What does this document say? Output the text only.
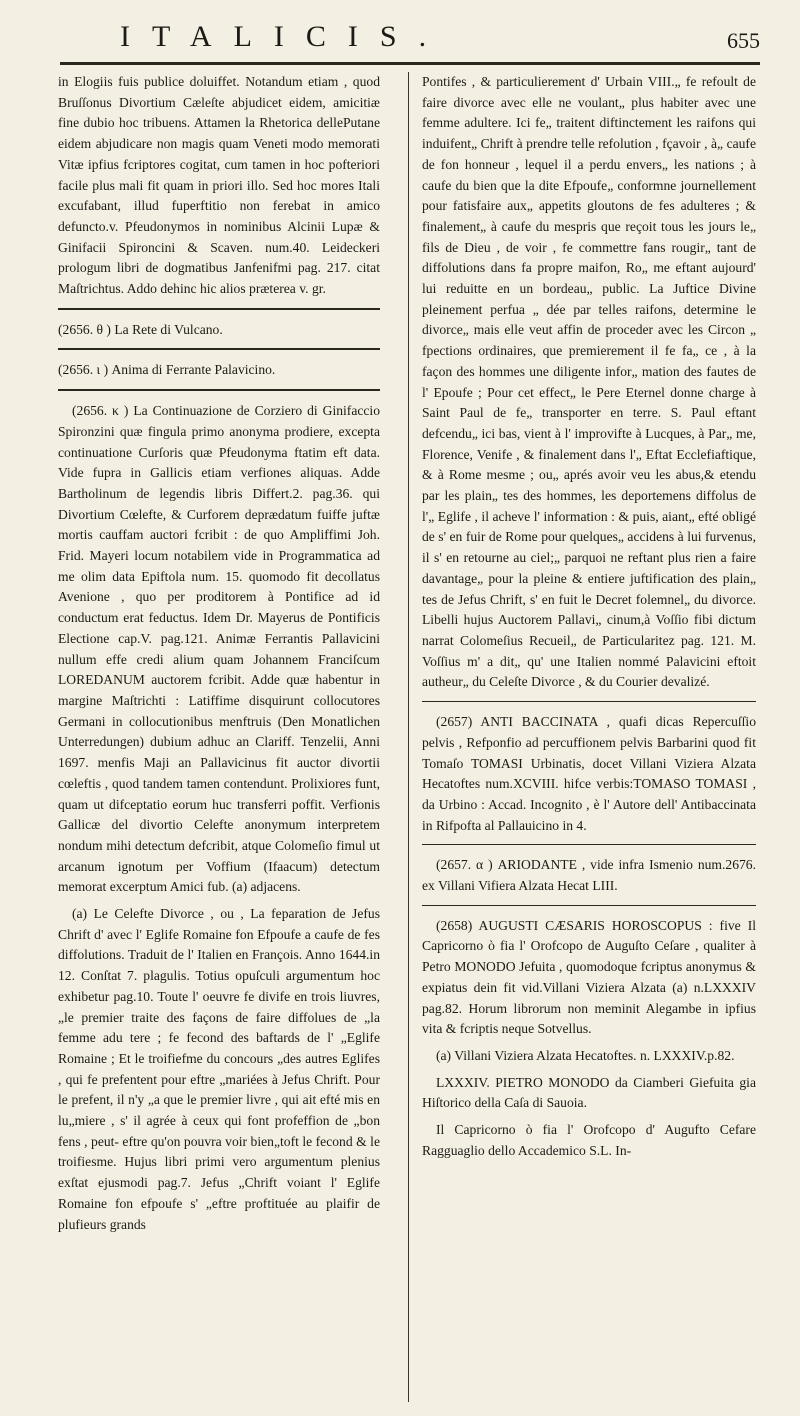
ITALICIS.	655

in Elogiis fuis publice doluiffet. Notandum etiam , quod Bruſſonus Divortium Cæleſte abjudicet eidem, amicitiæ fine dubio hoc tribuens. Attamen la Rhetorica dellePutane eidem abjudicare non magis quam Veneti modo memorati Vitæ ipfius fcriptores cogitat, cum tamen in hoc pofteriori facile plus mali fit quam in priori illo. Sed hoc mores Itali excufabant, illud fuperftitio non ferebat in amico defuncto.v. Pfeudonymos in nominibus Alcinii Lupæ & Ginifacii Spironcini & Scaven. num.40. Leideckeri prologum libri de dogmatibus Janfenifmi pag. 217. citat Maſtrichtus. Addo dehinc hic alios præterea v. gr.

(2656. θ ) La Rete di Vulcano.

(2656. ι ) Anima di Ferrante Palavicino.

(2656. κ ) La Continuazione de Corziero di Ginifaccio Spironzini quæ fingula primo anonyma prodiere, excepta continuatione Curſoris quæ Pfeudonyma ftatim eft data. Vide fupra in Gallicis etiam verfiones aliquas. Adde Bartholinum de legendis libris Differt.2. pag.36. qui Divortium Cœlefte, & Curforem deprædatum fuiffe juftæ mortis cauffam auctori fcribit : de quo Ampliffimi Joh. Frid. Mayeri locum notabilem vide in Programmatica ad me olim data Epiftola num. 15. quomodo fit decollatus Avenione , quo per proditorem à Pontifice ad id conductum erat feductus. Idem Dr. Mayerus de Pontificis Electione cap.V. pag.121. Animæ Ferrantis Pallavicini nullum effe credi alium quam Johannem Franciſcum LOREDANUM auctorem fcribit. Adde quæ habentur in margine Maſtrichti : Latiffime disquirunt collocutores Germani in collocutionibus menftruis (Den Monatlichen Unterredungen) dubium adhuc an Clariff. Tenzelii, Anni 1697. menfis Maji an Pallavicinus fit auctor divortii cœleftis , quod tandem tamen contendunt. Prolixiores funt, quam ut difceptatio eorum huc transferri poffit. Verfionis Gallicæ del divortio Celefte anonymum interpretem nondum mihi detectum defcribit, atque Colomeſio fimul ut arcanum ignotum per Voffium (Ifaacum) detectum memorat excerptum Amici fub. (a) adjacens.

(a) Le Celefte Divorce , ou , La feparation de Jefus Chrift d' avec l' Eglife Romaine fon Efpoufe a caufe de fes diffolutions. Traduit de l' Italien en François. Anno 1644.in 12. Conſtat 7. plagulis. Totius opuſculi argumentum hoc exhibetur pag.10. Toute l' oeuvre fe divife en trois liuvres, „le premier traite des façons de faire diffolues de „la femme adu tere ; fe fecond des baftards de l' „Eglife Romaine ; Et le troifiefme du concours „des autres Eglifes , qui fe prefentent pour eftre „mariées à Jefus Chrift. Pour le prefent, il n'y „a que le premier livre , qui ait efté mis en lu„miere , s' il agrée à ceux qui font profeffion de „bon fens , peut- eftre qu'on pouvra voir bien„toft le fecond & le troifiesme. Hujus libri primi vero argumentum plenius exſtat ejusmodi pag.7. Jefus „Chrift voiant l' Eglife Romaine fon efpoufe s' „eftre proftituée au plaifir de plufieurs grands

Pontifes , & particulierement d' Urbain VIII.„ fe refoult de faire divorce avec elle ne voulant„ plus habiter avec une femme adultere. Ici fe„ traitent diftinctement les raifons qui induifent„ Chrift à prendre telle refolution , fçavoir , à„ caufe de fon honneur , lequel il a perdu envers„ les nations ; à caufe du bien que la dite Efpoufe„ conformne journellement pour fatisfaire aux„ appetits gloutons de fes adulteres ; & finalement„ à caufe du mespris que reçoit tous les jours le„ fils de Dieu , de voir , fe commettre fans rougir„ tant de diffolutions dans fa propre maifon, Ro„ me eftant aujourd' lui reduitte en un bordeau„ public. La Juftice Divine pleinement perfua „ dée par telles raifons, determine le divorce„ mais elle veut affin de proceder avec les Circon „ fpections ordinaires, que premierement il fe fa„ ce , à la façon des hommes une diligente infor„ mation des fautes de l' Epoufe ; Pour cet effect„ le Pere Eternel donne charge à Saint Paul de fe„ transporter en terre. S. Paul eftant defcendu„ ici bas, vient à l' improvifte à Lucques, à Par„ me, Florence, Venife , & finalement dans l'„ Eftat Ecclefiaftique, & à Rome mesme ; ou„ aprés avoir veu les abus,& etendu par les plain„ tes des hommes, les deportemens diffolus de l'„ Eglife , il acheve l' information : & puis, aiant„ efté obligé de s' en fuir de Rome pour quelques„ accidens à lui furvenus, il s' en retourne au ciel;„ parquoi ne reftant plus rien a faire davantage„ pour la pleine & entiere juftification des plain„ tes de Jefus Chrift, s' en fuit le Decret folemnel„ du divorce. Libelli hujus Auctorem Pallavi„ cinum,à Voſſio fibi dictum narrat Colomeſius Recueil„ de Particularitez pag. 121. M. Voſſius m' a dit„ qu' une Italien nommé Palavicini eftoit autheur„ du Celeſte Divorce , & du Courier devalizé.

(2657) ANTI BACCINATA , quafi dicas Repercuſſio pelvis , Refponfio ad percuffionem pelvis Barbarini quod fit Tomaſo TOMASI Urbinatis, docet Villani Viziera Alzata Hecatoftes num.XCVIII. hifce verbis:TOMASO TOMASI , da Urbino : Accad. Incognito , è l' Autore dell' Antibaccinata in Rifpofta al Pallauicino in 4.

(2657. α ) ARIODANTE , vide infra Ismenio num.2676. ex Villani Vifiera Alzata Hecat LIII.

(2658) AUGUSTI CÆSARIS HOROSCOPUS : five Il Capricorno ò fia l' Orofcopo de Auguſto Ceſare , qualiter à Petro MONODO Jefuita , quomodoque fcriptus anonymus & expiatus dein fit vid.Villani Viziera Alzata (a) n.LXXXIV pag.82. Horum librorum non meminit Alegambe in ipfius vita & fcriptis neque Sotvellus.

(a) Villani Viziera Alzata Hecatoftes. n. LXXXIV.p.82.

LXXXIV. PIETRO MONODO da Ciamberi Giefuita gia Hiſtorico della Caſa di Sauoia.

Il Capricorno ò fia l' Orofcopo d' Augufto Cefare Ragguaglio dello Accademico S.L. In-
